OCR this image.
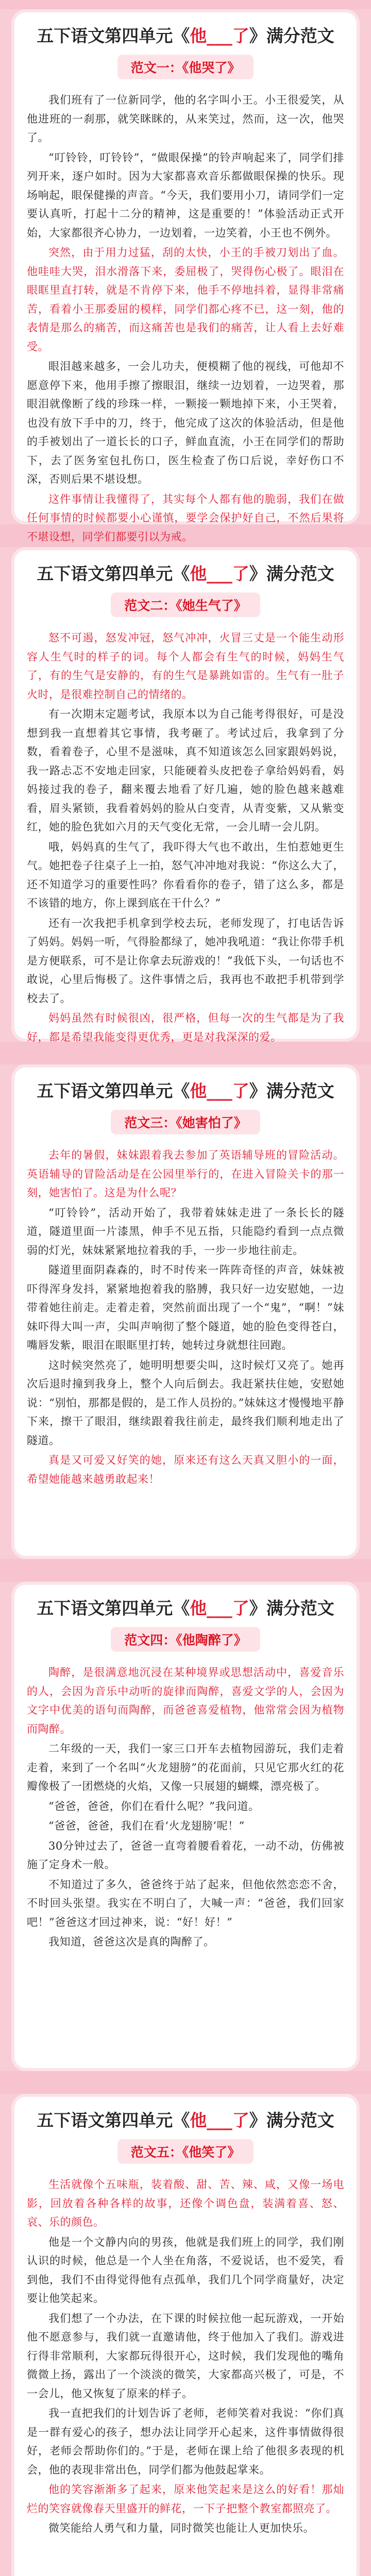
五下语文第四单元《他___了》满分范文
范文一：《他哭了》

我们班有了一位新同学，他的名字叫小王。小王很爱笑，从他进班的一刹那，就笑眯眯的，从来笑过，然而，这一次，他哭了。

“叮铃铃，叮铃铃”，“做眼保操”的铃声响起来了，同学们排列开来，逐户如时。因为大家都喜欢音乐都做眼保操的快乐。现场响起，眼保健操的声音。“今天，我们要用小刀，请同学们一定要认真听，打起十二分的精神，这是重要的！”体验活动正式开始，大家都很齐心协力，一边划着，一边笑着，小王也不例外。

突然，由于用力过猛，刮的太快，小王的手被刀划出了血。他哇哇大哭，泪水滑落下来，委屈极了，哭得伤心极了。眼泪在眼眶里直打转，就是不肯停下来，他手不停地抖着，显得非常痛苦，看着小王那委屈的模样，同学们都心疼不已，这一刻，他的表情是那么的痛苦，而这痛苦也是我们的痛苦，让人看上去好难受。

眼泪越来越多，一会儿功夫，便模糊了他的视线，可他却不愿意停下来，他用手擦了擦眼泪，继续一边划着，一边哭着，那眼泪就像断了线的珍珠一样，一颗接一颗地掉下来，小王哭着，也没有放下手中的刀，终于，他完成了这次的体验活动，但是他的手被划出了一道长长的口子，鲜血直流，小王在同学们的帮助下，去了医务室包扎伤口，医生检查了伤口后说，幸好伤口不深，否则后果不堪设想。

这件事情让我懂得了，其实每个人都有他的脆弱，我们在做任何事情的时候都要小心谨慎，要学会保护好自己，不然后果将不堪设想，同学们都要引以为戒。

五下语文第四单元《他___了》满分范文
范文二：《她生气了》

怒不可遏，怒发冲冠，怒气冲冲，火冒三丈是一个能生动形容人生气时的样子的词。每个人都会有生气的时候，妈妈生气了，有的生气是安静的，有的生气是暴跳如雷的。生气有一肚子火时，是很难控制自己的情绪的。

有一次期末定题考试，我原本以为自己能考得很好，可是没想到我一直想着其它事情，我考砸了。考试过后，我拿到了分数，看着卷子，心里不是滋味，真不知道该怎么回家跟妈妈说，我一路忐忑不安地走回家，只能硬着头皮把卷子拿给妈妈看，妈妈接过我的卷子，翻来覆去地看了好几遍，她的脸色越来越难看，眉头紧锁，我看着妈妈的脸从白变青，从青变紫，又从紫变红，她的脸色犹如六月的天气变化无常，一会儿晴一会儿阴。

哦，妈妈真的生气了，我吓得大气也不敢出，生怕惹她更生气。她把卷子往桌子上一拍，怒气冲冲地对我说：“你这么大了，还不知道学习的重要性吗？你看看你的卷子，错了这么多，都是不该错的地方，你上课到底在干什么？”

还有一次我把手机拿到学校去玩，老师发现了，打电话告诉了妈妈。妈妈一听，气得脸都绿了，她冲我吼道：“我让你带手机是方便联系，可不是让你拿去玩游戏的！”我低下头，一句话也不敢说，心里后悔极了。这件事情之后，我再也不敢把手机带到学校去了。

妈妈虽然有时候很凶，很严格，但每一次的生气都是为了我好，都是希望我能变得更优秀，更是对我深深的爱。

五下语文第四单元《他___了》满分范文
范文三：《她害怕了》

去年的暑假，妹妹跟着我去参加了英语辅导班的冒险活动。英语辅导的冒险活动是在公园里举行的，在进入冒险关卡的那一刻，她害怕了。这是为什么呢？

“叮铃铃”，活动开始了，我带着妹妹走进了一条长长的隧道，隧道里面一片漆黑，伸手不见五指，只能隐约看到一点点微弱的灯光，妹妹紧紧地拉着我的手，一步一步地往前走。

隧道里面阴森森的，时不时传来一阵阵奇怪的声音，妹妹被吓得浑身发抖，紧紧地抱着我的胳膊，我只好一边安慰她，一边带着她往前走。走着走着，突然前面出现了一个“鬼”，“啊！”妹妹吓得大叫一声，尖叫声响彻了整个隧道，她的脸色变得苍白，嘴唇发紫，眼泪在眼眶里打转，她转过身就想往回跑。

这时候突然亮了，她明明想要尖叫，这时候灯又亮了。她再次后退时撞到我身上，整个人向后倒去。我赶紧扶住她，安慰她说：“别怕，那都是假的，是工作人员扮的。”妹妹这才慢慢地平静下来，擦干了眼泪，继续跟着我往前走，最终我们顺利地走出了隧道。

真是又可爱又好笑的她，原来还有这么天真又胆小的一面，希望她能越来越勇敢起来！

五下语文第四单元《他___了》满分范文
范文四：《他陶醉了》

陶醉，是很满意地沉浸在某种境界或思想活动中，喜爱音乐的人，会因为音乐中动听的旋律而陶醉，喜爱文学的人，会因为文字中优美的语句而陶醉，而爸爸喜爱植物，他常常会因为植物而陶醉。

二年级的一天，我们一家三口开车去植物园游玩，我们走着走着，来到了一个名叫“火龙翅膀”的花面前，只见它那火红的花瓣像极了一团燃烧的火焰，又像一只展翅的蝴蝶，漂亮极了。

“爸爸，爸爸，你们在看什么呢？”我问道。

“爸爸，爸爸，我们在看‘火龙翅膀’呢！”

30分钟过去了，爸爸一直弯着腰看着花，一动不动，仿佛被施了定身术一般。

不知道过了多久，爸爸终于站了起来，但他依然恋恋不舍，不时回头张望。我实在不明白了，大喊一声：“爸爸，我们回家吧！”爸爸这才回过神来，说：“好！好！”

我知道，爸爸这次是真的陶醉了。

五下语文第四单元《他___了》满分范文
范文五：《他笑了》

生活就像个五味瓶，装着酸、甜、苦、辣、咸，又像一场电影，回放着各种各样的故事，还像个调色盘，装满着喜、怒、哀、乐的颜色。

他是一个文静内向的男孩，他就是我们班上的同学，我们刚认识的时候，他总是一个人坐在角落，不爱说话，也不爱笑，看到他，我们不由得觉得他有点孤单，我们几个同学商量好，决定要让他笑起来。

我们想了一个办法，在下课的时候拉他一起玩游戏，一开始他不愿意参与，我们就一直邀请他，终于他加入了我们。游戏进行得非常顺利，大家都玩得很开心，这时候，我们发现他的嘴角微微上扬，露出了一个淡淡的微笑，大家都高兴极了，可是，不一会儿，他又恢复了原来的样子。

我一直把我们的计划告诉了老师，老师笑着对我说：“你们真是一群有爱心的孩子，想办法让同学开心起来，这件事情做得很好，老师会帮助你们的。”于是，老师在课上给了他很多表现的机会，他的表现非常出色，同学们都为他鼓起掌来。

他的笑容渐渐多了起来，原来他笑起来是这么的好看！那灿烂的笑容就像春天里盛开的鲜花，一下子把整个教室都照亮了。

微笑能给人勇气和力量，同时微笑也能让人更加快乐。
